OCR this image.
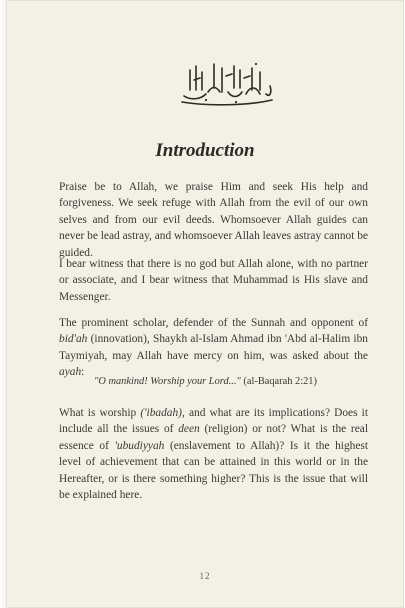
Introduction

Praise be to Allah, we praise Him and seek His help and forgiveness. We seek refuge with Allah from the evil of our own selves and from our evil deeds. Whomsoever Allah guides can never be lead astray, and whomsoever Allah leaves astray cannot be guided.

I bear witness that there is no god but Allah alone, with no partner or associate, and I bear witness that Muhammad is His slave and Messenger.

The prominent scholar, defender of the Sunnah and opponent of bid'ah (innovation), Shaykh al-Islam Ahmad ibn 'Abd al-Halim ibn Taymiyah, may Allah have mercy on him, was asked about the ayah:

"O mankind! Worship your Lord..." (al-Baqarah 2:21)

What is worship ('ibadah), and what are its implications? Does it include all the issues of deen (religion) or not? What is the real essence of 'ubudiyyah (enslavement to Allah)? Is it the highest level of achievement that can be attained in this world or in the Hereafter, or is there something higher? This is the issue that will be explained here.

12
